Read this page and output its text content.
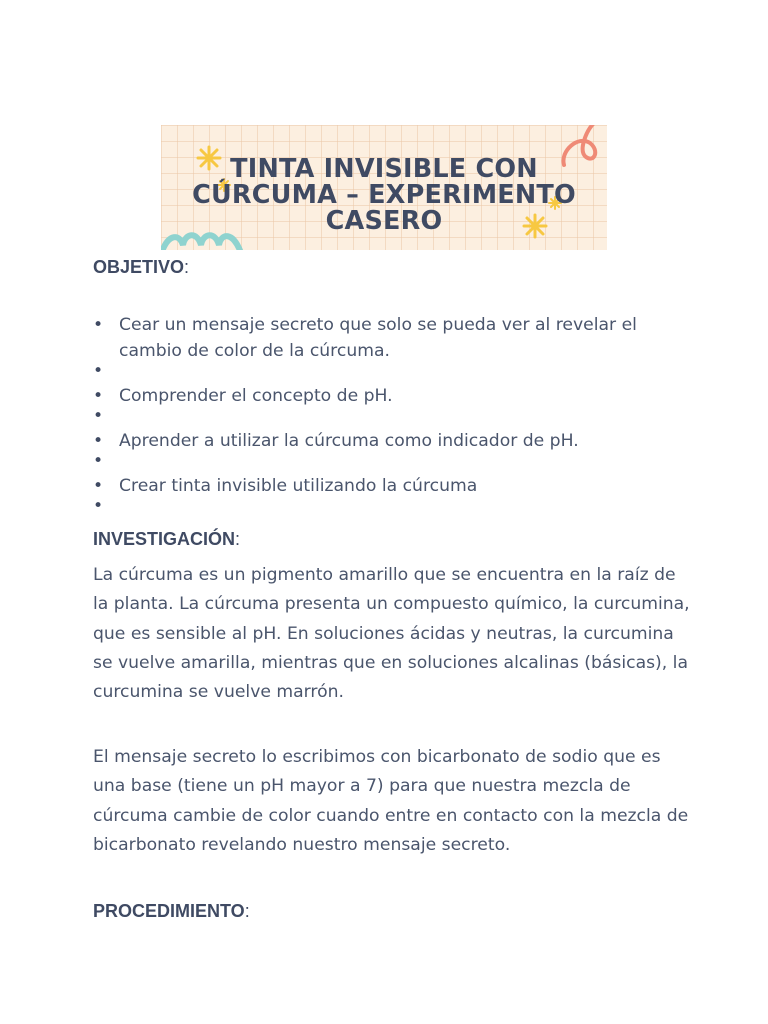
TINTA INVISIBLE CON CÚRCUMA – EXPERIMENTO CASERO
OBJETIVO:
• Cear un mensaje secreto que solo se pueda ver al revelar el cambio de color de la cúrcuma.
•
• Comprender el concepto de pH.
•
• Aprender a utilizar la cúrcuma como indicador de pH.
•
• Crear tinta invisible utilizando la cúrcuma
•
INVESTIGACIÓN:

La cúrcuma es un pigmento amarillo que se encuentra en la raíz de la planta. La cúrcuma presenta un compuesto químico, la curcumina, que es sensible al pH. En soluciones ácidas y neutras, la curcumina se vuelve amarilla, mientras que en soluciones alcalinas (básicas), la curcumina se vuelve marrón.

El mensaje secreto lo escribimos con bicarbonato de sodio que es una base (tiene un pH mayor a 7) para que nuestra mezcla de cúrcuma cambie de color cuando entre en contacto con la mezcla de bicarbonato revelando nuestro mensaje secreto.

PROCEDIMIENTO:
